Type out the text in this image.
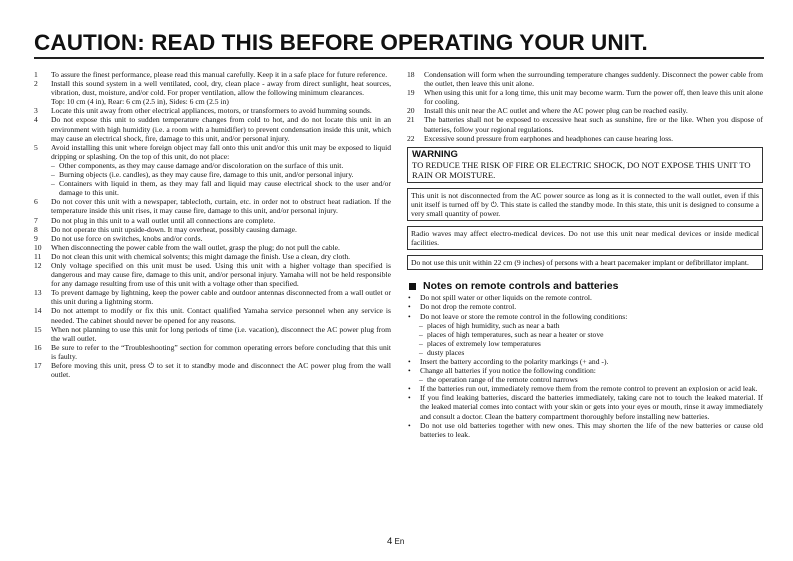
CAUTION: READ THIS BEFORE OPERATING YOUR UNIT.
1	To assure the finest performance, please read this manual carefully. Keep it in a safe place for future reference.
2	Install this sound system in a well ventilated, cool, dry, clean place - away from direct sunlight, heat sources, vibration, dust, moisture, and/or cold. For proper ventilation, allow the following minimum clearances.
Top: 10 cm (4 in), Rear: 6 cm (2.5 in), Sides: 6 cm (2.5 in)
3	Locate this unit away from other electrical appliances, motors, or transformers to avoid humming sounds.
4	Do not expose this unit to sudden temperature changes from cold to hot, and do not locate this unit in an environment with high humidity (i.e. a room with a humidifier) to prevent condensation inside this unit, which may cause an electrical shock, fire, damage to this unit, and/or personal injury.
5	Avoid installing this unit where foreign object may fall onto this unit and/or this unit may be exposed to liquid dripping or splashing. On the top of this unit, do not place:
– Other components, as they may cause damage and/or discoloration on the surface of this unit.
– Burning objects (i.e. candles), as they may cause fire, damage to this unit, and/or personal injury.
– Containers with liquid in them, as they may fall and liquid may cause electrical shock to the user and/or damage to this unit.
6	Do not cover this unit with a newspaper, tablecloth, curtain, etc. in order not to obstruct heat radiation. If the temperature inside this unit rises, it may cause fire, damage to this unit, and/or personal injury.
7	Do not plug in this unit to a wall outlet until all connections are complete.
8	Do not operate this unit upside-down. It may overheat, possibly causing damage.
9	Do not use force on switches, knobs and/or cords.
10	When disconnecting the power cable from the wall outlet, grasp the plug; do not pull the cable.
11	Do not clean this unit with chemical solvents; this might damage the finish. Use a clean, dry cloth.
12	Only voltage specified on this unit must be used. Using this unit with a higher voltage than specified is dangerous and may cause fire, damage to this unit, and/or personal injury. Yamaha will not be held responsible for any damage resulting from use of this unit with a voltage other than specified.
13	To prevent damage by lightning, keep the power cable and outdoor antennas disconnected from a wall outlet or this unit during a lightning storm.
14	Do not attempt to modify or fix this unit. Contact qualified Yamaha service personnel when any service is needed. The cabinet should never be opened for any reasons.
15	When not planning to use this unit for long periods of time (i.e. vacation), disconnect the AC power plug from the wall outlet.
16	Be sure to refer to the “Troubleshooting” section for common operating errors before concluding that this unit is faulty.
17	Before moving this unit, press ⏻ to set it to standby mode and disconnect the AC power plug from the wall outlet.
18	Condensation will form when the surrounding temperature changes suddenly. Disconnect the power cable from the outlet, then leave this unit alone.
19	When using this unit for a long time, this unit may become warm. Turn the power off, then leave this unit alone for cooling.
20	Install this unit near the AC outlet and where the AC power plug can be reached easily.
21	The batteries shall not be exposed to excessive heat such as sunshine, fire or the like. When you dispose of batteries, follow your regional regulations.
22	Excessive sound pressure from earphones and headphones can cause hearing loss.
WARNING
TO REDUCE THE RISK OF FIRE OR ELECTRIC SHOCK, DO NOT EXPOSE THIS UNIT TO RAIN OR MOISTURE.
This unit is not disconnected from the AC power source as long as it is connected to the wall outlet, even if this unit itself is turned off by ⏻. This state is called the standby mode. In this state, this unit is designed to consume a very small quantity of power.
Radio waves may affect electro-medical devices. Do not use this unit near medical devices or inside medical facilities.
Do not use this unit within 22 cm (9 inches) of persons with a heart pacemaker implant or defibrillator implant.
Notes on remote controls and batteries
•	Do not spill water or other liquids on the remote control.
•	Do not drop the remote control.
•	Do not leave or store the remote control in the following conditions:
– places of high humidity, such as near a bath
– places of high temperatures, such as near a heater or stove
– places of extremely low temperatures
– dusty places
•	Insert the battery according to the polarity markings (+ and -).
•	Change all batteries if you notice the following condition:
– the operation range of the remote control narrows
•	If the batteries run out, immediately remove them from the remote control to prevent an explosion or acid leak.
•	If you find leaking batteries, discard the batteries immediately, taking care not to touch the leaked material. If the leaked material comes into contact with your skin or gets into your eyes or mouth, rinse it away immediately and consult a doctor. Clean the battery compartment thoroughly before installing new batteries.
•	Do not use old batteries together with new ones. This may shorten the life of the new batteries or cause old batteries to leak.
4 En
